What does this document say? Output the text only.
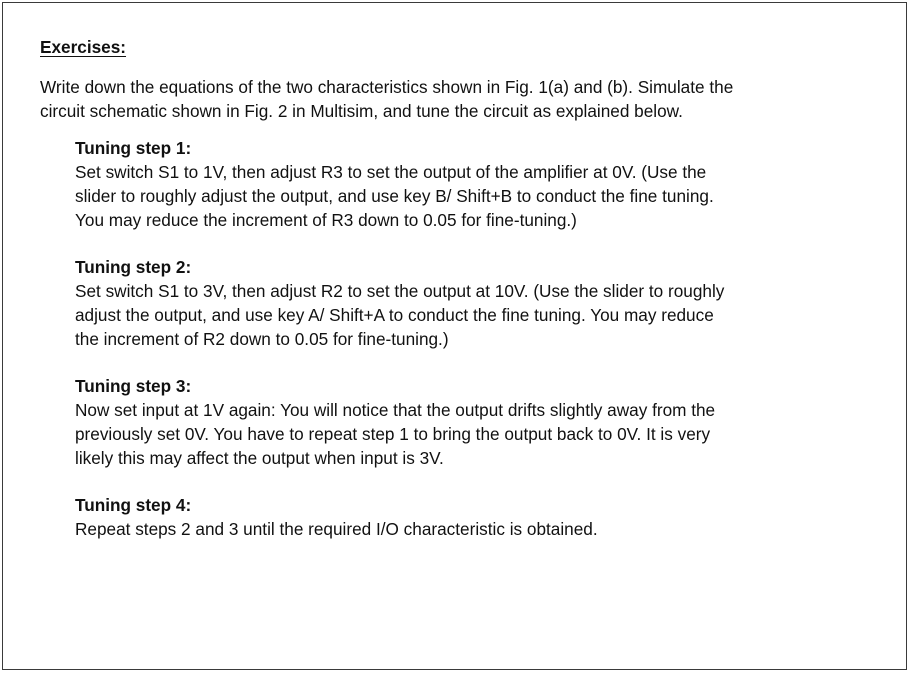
Exercises:

Write down the equations of the two characteristics shown in Fig. 1(a) and (b). Simulate the

circuit schematic shown in Fig. 2 in Multisim, and tune the circuit as explained below.

Tuning step 1:

Set switch S1 to 1V, then adjust R3 to set the output of the amplifier at 0V. (Use the

slider to roughly adjust the output, and use key B/ Shift+B to conduct the fine tuning.

You may reduce the increment of R3 down to 0.05 for fine-tuning.)

Tuning step 2:

Set switch S1 to 3V, then adjust R2 to set the output at 10V. (Use the slider to roughly

adjust the output, and use key A/ Shift+A to conduct the fine tuning. You may reduce

the increment of R2 down to 0.05 for fine-tuning.)

Tuning step 3:

Now set input at 1V again: You will notice that the output drifts slightly away from the

previously set 0V. You have to repeat step 1 to bring the output back to 0V. It is very

likely this may affect the output when input is 3V.

Tuning step 4:

Repeat steps 2 and 3 until the required I/O characteristic is obtained.
